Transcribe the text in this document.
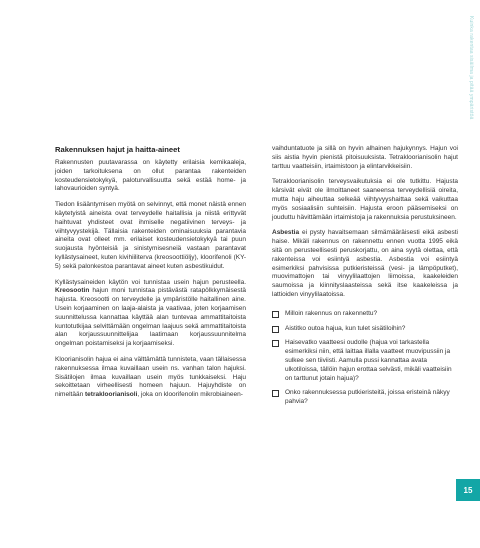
Kuinka rakentaa sisäilma ja pitää ympäristöä
Rakennuksen hajut ja haitta-aineet

Rakennusten puutavarassa on käytetty erilaisia kemikaaleja, joiden tarkoituksena on ollut parantaa rakenteiden kosteudensietokykyä, paloturvallisuutta sekä estää home- ja lahovaurioiden syntyä.

Tiedon lisääntymisen myötä on selvinnyt, että monet näistä ennen käytetyistä aineista ovat terveydelle haitallisia ja niistä erittyvät haihtuvat yhdisteet ovat ihmiselle negatiivinen terveys- ja viihtyvyystekijä. Tällaisia rakenteiden ominaisuuksia parantavia aineita ovat olleet mm. erilaiset kosteudensietokykyä tai puun suojausta hyönteisiä ja sinistymisesneiä vastaan parantavat kyllästysaineet, kuten kivihiiliterva (kreosoottiöljy), kloorifenoli (KY-5) sekä palonkestoa parantavat aineet kuten asbestikuidut.

Kyllästysaineiden käytön voi tunnistaa usein hajun perusteella. Kreosootin hajun moni tunnistaa pistävästä ratapölkkymäisestä hajusta. Kreosootti on terveydelle ja ympäristölle haitallinen aine. Usein korjaaminen on laaja-alaista ja vaativaa, joten korjaamisen suunnittelussa kannattaa käyttää alan tuntevaa ammattitaitoista kuntotutkijaa selvittämään ongelman laajuus sekä ammattitaitoista alan korjaussuunnittelijaa laatimaan korjaussuunnitelma ongelman poistamiseksi ja korjaamiseksi.

Kloorianisolin hajua ei aina välttämättä tunnisteta, vaan tällaisessa rakennuksessa ilmaa kuvaillaan usein ns. vanhan talon hajuksi. Sisätilojen ilmaa kuvaillaan usein myös tunkkaiseksi. Haju sekoittetaan virheellisesti homeen hajuun. Hajuyhdiste on nimeltään tetrakloorianisoli, joka on kloorifenolin mikrobiaineen-

vaihduntatuote ja sillä on hyvin alhainen hajukynnys. Hajun voi siis aistia hyvin pienistä pitoisuuksista. Tetrakloorianisolin hajut tarttuu vaatteisiin, irtaimistoon ja elintarvikkeisiin.

Tetrakloorianisolin terveysvaikutuksia ei ole tutkittu. Hajusta kärsivät eivät ole ilmoittaneet saaneensa terveydellisiä oireita, mutta haju aiheuttaa selkeää viihtyvyyshaittaa sekä vaikuttaa myös sosiaalisiin suhteisiin. Hajusta eroon pääsemiseksi on jouduttu hävittämään irtaimistoja ja rakennuksia perustuksineen.

Asbestia ei pysty havaitsemaan silmämääräisesti eikä asbesti haise. Mikäli rakennus on rakennettu ennen vuotta 1995 eikä sitä on perusteellisesti peruskorjattu, on aina syytä olettaa, että rakenteissa voi esiintyä asbestia. Asbestia voi esiintyä esimerkiksi pahvisissa putkieristeissä (vesi- ja lämpöputket), muovimattojen tai vinyylilaattojen liimoissa, kaakeleiden saumoissa ja kiinnityslaasteissa sekä itse kaakeleissa ja lattioiden vinyylilaatoissa.

Milloin rakennus on rakennettu?
Aistitko outoa hajua, kun tulet sisätiloihin?
Haisevatko vaatteesi oudolle (hajua voi tarkastella esimerkiksi niin, että laittaa illalla vaatteet muovipussiin ja sulkee sen tiiviisti. Aamulla pussi kannattaa avata ulkotiloissa, tällöin hajun erottaa selvästi, mikäli vaatteisiin on tarttunut jotain hajua)?
Onko rakennuksessa putkieristeitä, joissa eristeinä näkyy pahvia?
15
